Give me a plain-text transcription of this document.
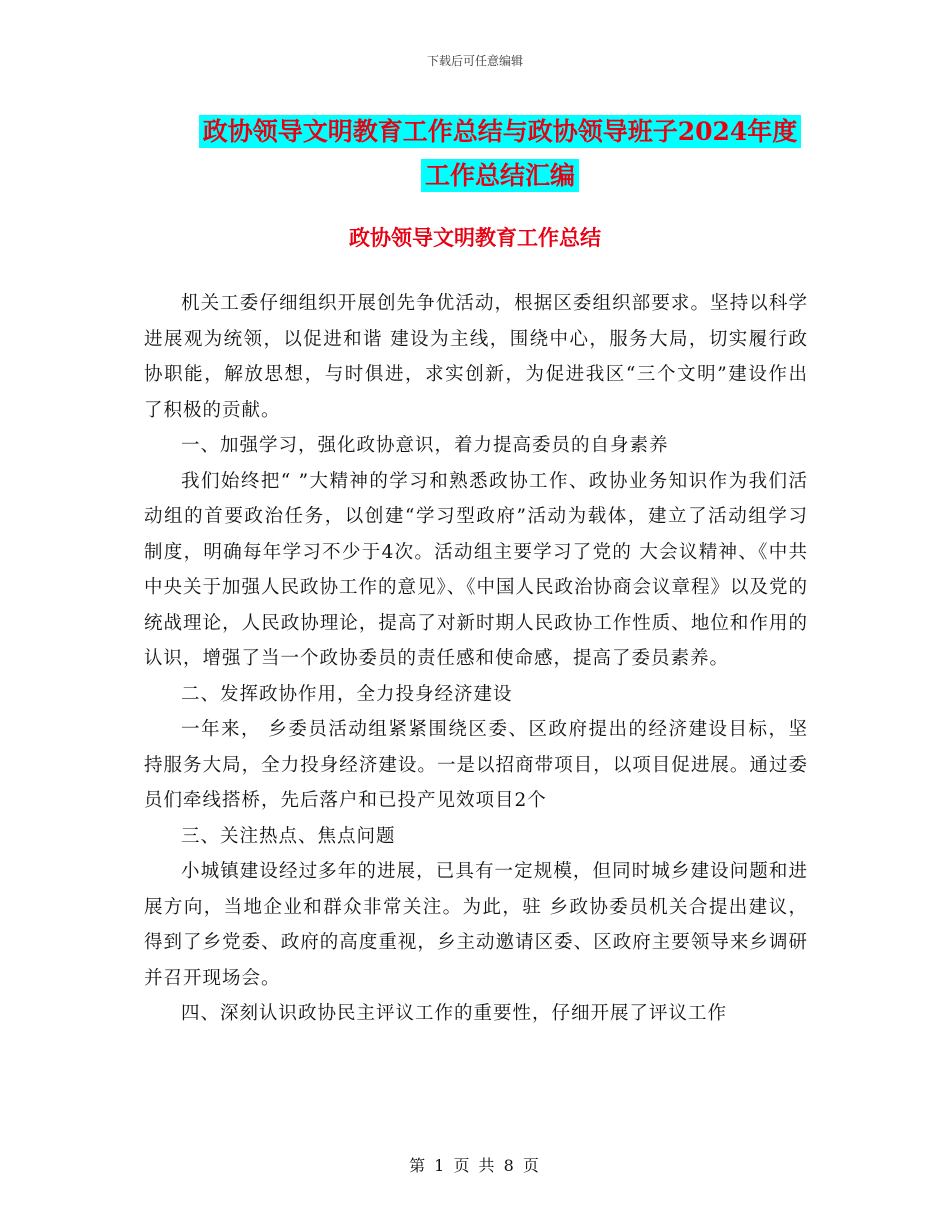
下载后可任意编辑
政协领导文明教育工作总结与政协领导班子2024年度
工作总结汇编
政协领导文明教育工作总结

机关工委仔细组织开展创先争优活动，根据区委组织部要求。坚持以科学进展观为统领，以促进和谐 建设为主线，围绕中心，服务大局，切实履行政协职能，解放思想，与时俱进，求实创新，为促进我区“三个文明”建设作出了积极的贡献。

一、加强学习，强化政协意识，着力提高委员的自身素养

我们始终把“ ”大精神的学习和熟悉政协工作、政协业务知识作为我们活动组的首要政治任务，以创建“学习型政府”活动为载体，建立了活动组学习制度，明确每年学习不少于4次。活动组主要学习了党的 大会议精神、《中共中央关于加强人民政协工作的意见》、《中国人民政治协商会议章程》以及党的统战理论，人民政协理论，提高了对新时期人民政协工作性质、地位和作用的认识，增强了当一个政协委员的责任感和使命感，提高了委员素养。

二、发挥政协作用，全力投身经济建设

一年来， 乡委员活动组紧紧围绕区委、区政府提出的经济建设目标，坚持服务大局，全力投身经济建设。一是以招商带项目，以项目促进展。通过委员们牵线搭桥，先后落户和已投产见效项目2个

三、关注热点、焦点问题

小城镇建设经过多年的进展，已具有一定规模，但同时城乡建设问题和进展方向，当地企业和群众非常关注。为此，驻 乡政协委员机关合提出建议，得到了乡党委、政府的高度重视，乡主动邀请区委、区政府主要领导来乡调研并召开现场会。

四、深刻认识政协民主评议工作的重要性，仔细开展了评议工作

第 1 页 共 8 页
